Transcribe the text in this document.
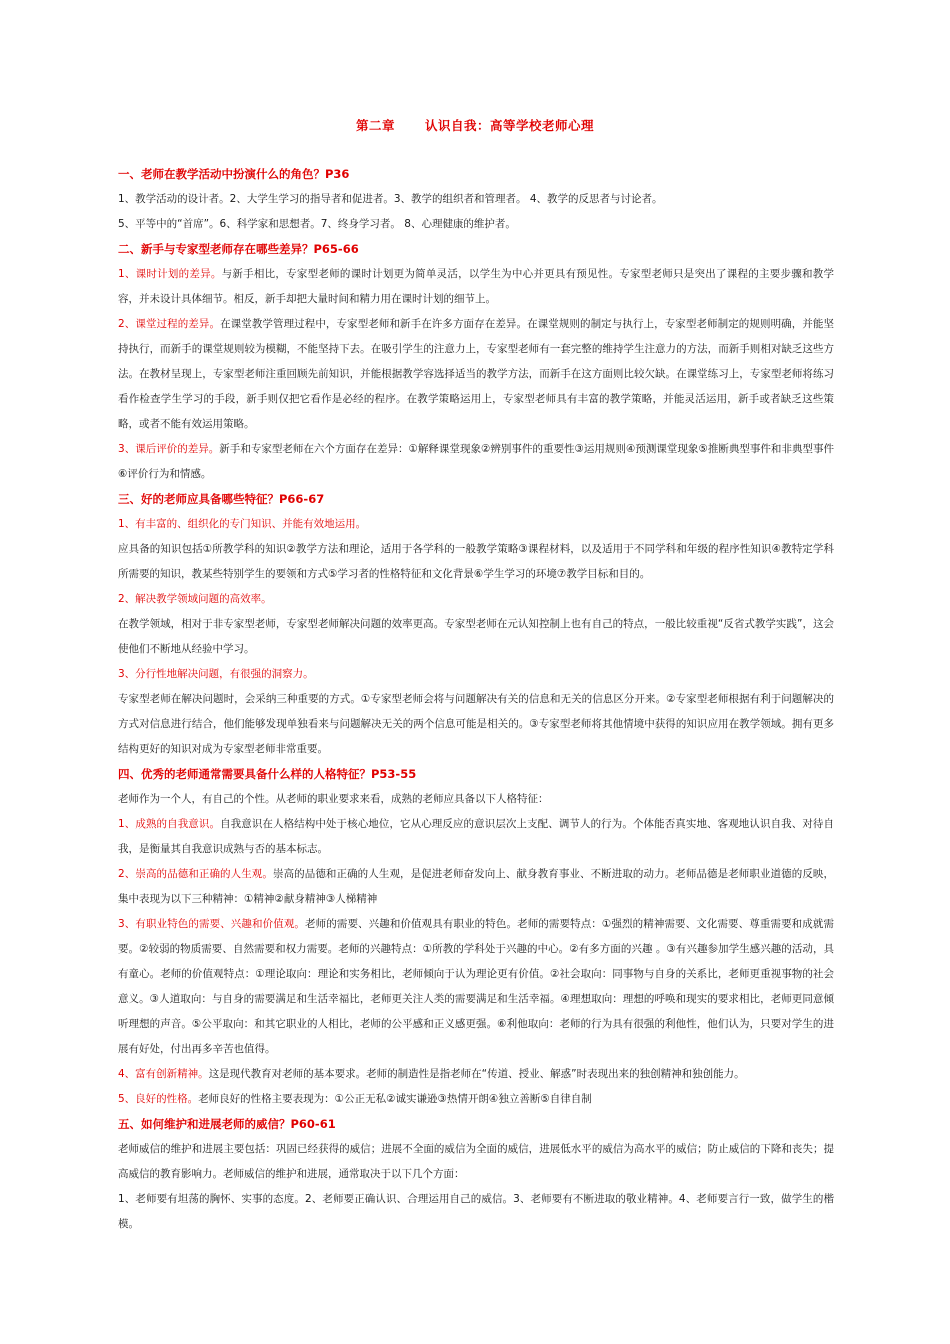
第二章 认识自我：高等学校老师心理
一、老师在教学活动中扮演什么的角色？P36
1、教学活动的设计者。2、大学生学习的指导者和促进者。3、教学的组织者和管理者。 4、教学的反思者与讨论者。
5、平等中的“首席”。6、科学家和思想者。7、终身学习者。 8、心理健康的维护者。
二、新手与专家型老师存在哪些差异？P65-66
1、课时计划的差异。与新手相比，专家型老师的课时计划更为简单灵活，以学生为中心并更具有预见性。专家型老师只是突出了课程的主要步骤和教学容，并未设计具体细节。相反，新手却把大量时间和精力用在课时计划的细节上。
2、课堂过程的差异。在课堂教学管理过程中，专家型老师和新手在许多方面存在差异。在课堂规则的制定与执行上，专家型老师制定的规则明确，并能坚持执行，而新手的课堂规则较为模糊，不能坚持下去。在吸引学生的注意力上，专家型老师有一套完整的维持学生注意力的方法，而新手则相对缺乏这些方法。在教材呈现上，专家型老师注重回顾先前知识，并能根据教学容选择适当的教学方法，而新手在这方面则比较欠缺。在课堂练习上，专家型老师将练习看作检查学生学习的手段，新手则仅把它看作是必经的程序。在教学策略运用上，专家型老师具有丰富的教学策略，并能灵活运用，新手或者缺乏这些策略，或者不能有效运用策略。
3、课后评价的差异。新手和专家型老师在六个方面存在差异：①解释课堂现象②辨别事件的重要性③运用规则④预测课堂现象⑤推断典型事件和非典型事件⑥评价行为和情感。
三、好的老师应具备哪些特征？P66-67
1、有丰富的、组织化的专门知识、并能有效地运用。
应具备的知识包括①所教学科的知识②教学方法和理论，适用于各学科的一般教学策略③课程材料，以及适用于不同学科和年级的程序性知识④教特定学科所需要的知识，教某些特别学生的要领和方式⑤学习者的性格特征和文化背景⑥学生学习的环境⑦教学目标和目的。
2、解决教学领域问题的高效率。
在教学领域，相对于非专家型老师，专家型老师解决问题的效率更高。专家型老师在元认知控制上也有自己的特点，一般比较重视“反省式教学实践”，这会使他们不断地从经验中学习。
3、分行性地解决问题，有很强的洞察力。
专家型老师在解决问题时，会采纳三种重要的方式。①专家型老师会将与问题解决有关的信息和无关的信息区分开来。②专家型老师根据有利于问题解决的方式对信息进行结合，他们能够发现单独看来与问题解决无关的两个信息可能是相关的。③专家型老师将其他情境中获得的知识应用在教学领域。拥有更多结构更好的知识对成为专家型老师非常重要。
四、优秀的老师通常需要具备什么样的人格特征？P53-55
老师作为一个人，有自己的个性。从老师的职业要求来看，成熟的老师应具备以下人格特征：
1、成熟的自我意识。自我意识在人格结构中处于核心地位，它从心理反应的意识层次上支配、调节人的行为。个体能否真实地、客观地认识自我、对待自我，是衡量其自我意识成熟与否的基本标志。
2、崇高的品德和正确的人生观。崇高的品德和正确的人生观，是促进老师奋发向上、献身教育事业、不断进取的动力。老师品德是老师职业道德的反映，集中表现为以下三种精神：①精神②献身精神③人梯精神
3、有职业特色的需要、兴趣和价值观。老师的需要、兴趣和价值观具有职业的特色。老师的需要特点：①强烈的精神需要、文化需要、尊重需要和成就需要。②较弱的物质需要、自然需要和权力需要。老师的兴趣特点：①所教的学科处于兴趣的中心。②有多方面的兴趣 。③有兴趣参加学生感兴趣的活动，具有童心。老师的价值观特点：①理论取向：理论和实务相比，老师倾向于认为理论更有价值。②社会取向：同事物与自身的关系比，老师更重视事物的社会意义。③人道取向：与自身的需要满足和生活幸福比，老师更关注人类的需要满足和生活幸福。④理想取向：理想的呼唤和现实的要求相比，老师更同意倾听理想的声音。⑤公平取向：和其它职业的人相比，老师的公平感和正义感更强。⑥利他取向：老师的行为具有很强的利他性，他们认为，只要对学生的进展有好处，付出再多辛苦也值得。
4、富有创新精神。这是现代教育对老师的基本要求。老师的制造性是指老师在“传道、授业、解惑”时表现出来的独创精神和独创能力。
5、良好的性格。老师良好的性格主要表现为：①公正无私②诚实谦逊③热情开朗④独立善断⑤自律自制
五、如何维护和进展老师的威信？P60-61
老师威信的维护和进展主要包括：巩固已经获得的威信；进展不全面的威信为全面的威信，进展低水平的威信为高水平的威信；防止威信的下降和丧失；提高威信的教育影响力。老师威信的维护和进展，通常取决于以下几个方面：
1、老师要有坦荡的胸怀、实事的态度。2、老师要正确认识、合理运用自己的威信。3、老师要有不断进取的敬业精神。4、老师要言行一致，做学生的楷模。
